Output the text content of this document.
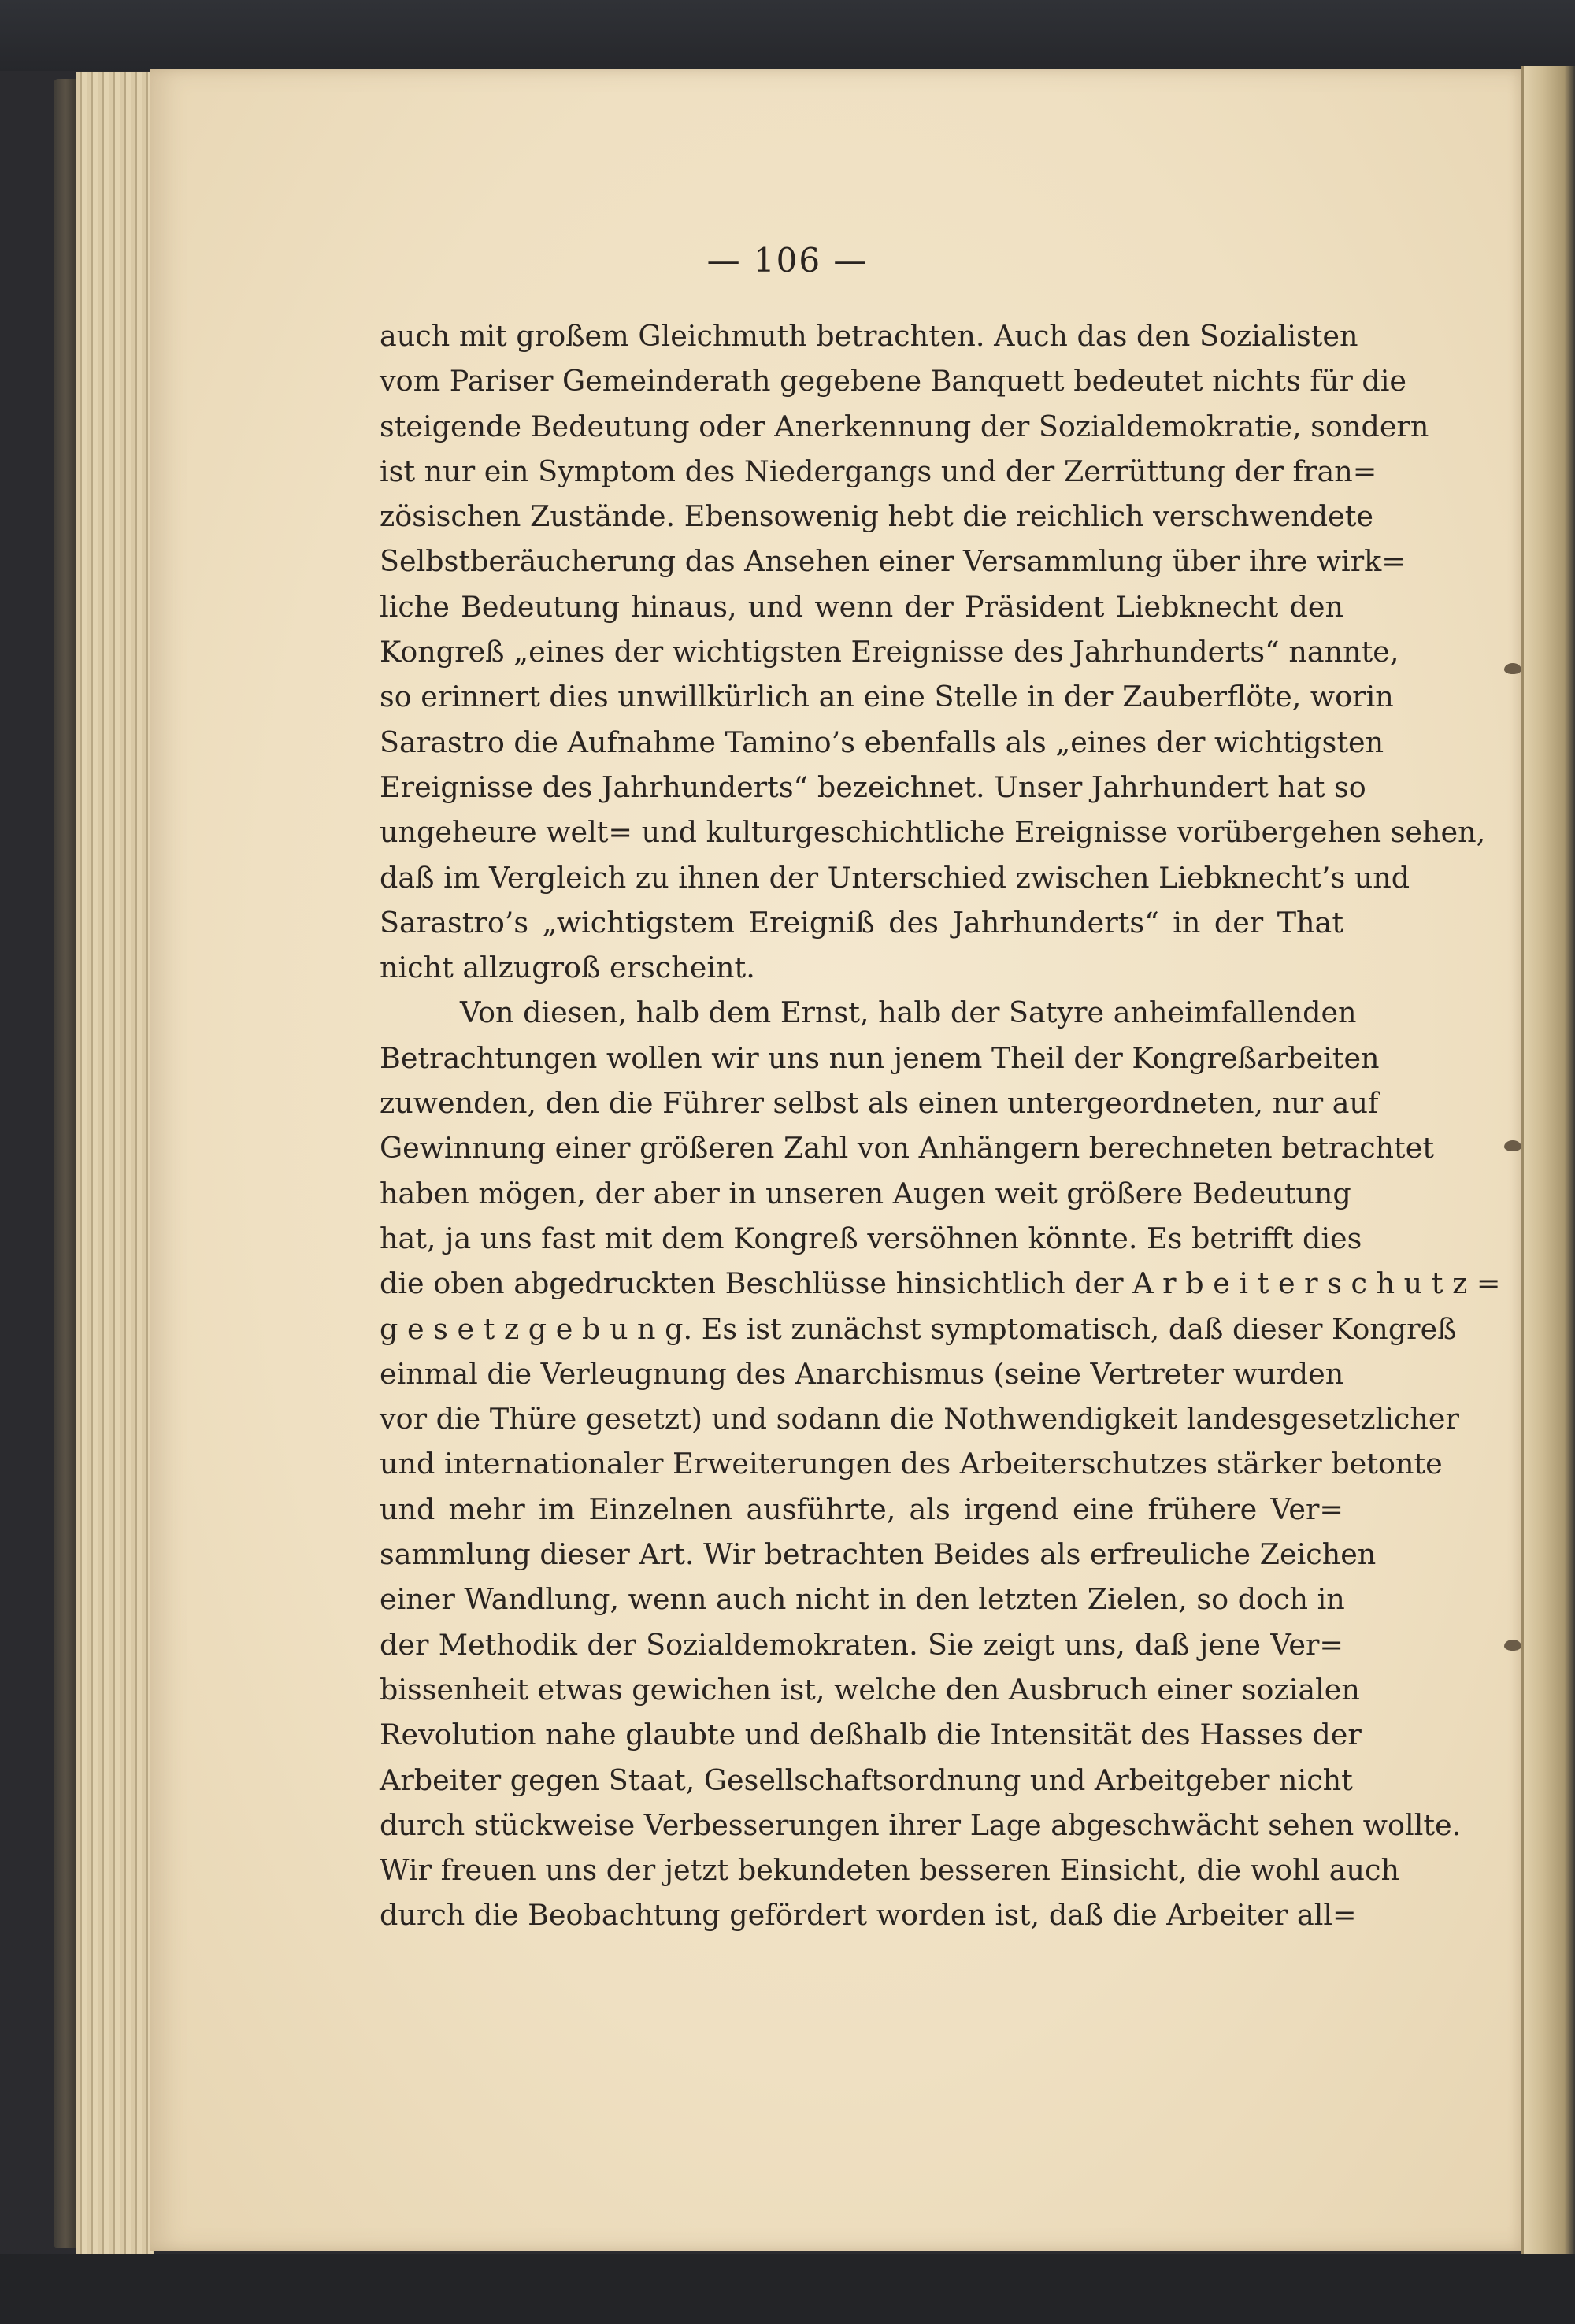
— 106 —

auch mit großem Gleichmuth betrachten. Auch das den Sozialisten
vom Pariser Gemeinderath gegebene Banquett bedeutet nichts für die
steigende Bedeutung oder Anerkennung der Sozialdemokratie, sondern
ist nur ein Symptom des Niedergangs und der Zerrüttung der fran=
zösischen Zustände. Ebensowenig hebt die reichlich verschwendete
Selbstberäucherung das Ansehen einer Versammlung über ihre wirk=
liche Bedeutung hinaus, und wenn der Präsident Liebknecht den
Kongreß „eines der wichtigsten Ereignisse des Jahrhunderts“ nannte,
so erinnert dies unwillkürlich an eine Stelle in der Zauberflöte, worin
Sarastro die Aufnahme Tamino’s ebenfalls als „eines der wichtigsten
Ereignisse des Jahrhunderts“ bezeichnet. Unser Jahrhundert hat so
ungeheure welt= und kulturgeschichtliche Ereignisse vorübergehen sehen,
daß im Vergleich zu ihnen der Unterschied zwischen Liebknecht’s und
Sarastro’s „wichtigstem Ereigniß des Jahrhunderts“ in der That
nicht allzugroß erscheint.
Von diesen, halb dem Ernst, halb der Satyre anheimfallenden
Betrachtungen wollen wir uns nun jenem Theil der Kongreßarbeiten
zuwenden, den die Führer selbst als einen untergeordneten, nur auf
Gewinnung einer größeren Zahl von Anhängern berechneten betrachtet
haben mögen, der aber in unseren Augen weit größere Bedeutung
hat, ja uns fast mit dem Kongreß versöhnen könnte. Es betrifft dies
die oben abgedruckten Beschlüsse hinsichtlich der A r b e i t e r s c h u t z =
g e s e t z g e b u n g. Es ist zunächst symptomatisch, daß dieser Kongreß
einmal die Verleugnung des Anarchismus (seine Vertreter wurden
vor die Thüre gesetzt) und sodann die Nothwendigkeit landesgesetzlicher
und internationaler Erweiterungen des Arbeiterschutzes stärker betonte
und mehr im Einzelnen ausführte, als irgend eine frühere Ver=
sammlung dieser Art. Wir betrachten Beides als erfreuliche Zeichen
einer Wandlung, wenn auch nicht in den letzten Zielen, so doch in
der Methodik der Sozialdemokraten. Sie zeigt uns, daß jene Ver=
bissenheit etwas gewichen ist, welche den Ausbruch einer sozialen
Revolution nahe glaubte und deßhalb die Intensität des Hasses der
Arbeiter gegen Staat, Gesellschaftsordnung und Arbeitgeber nicht
durch stückweise Verbesserungen ihrer Lage abgeschwächt sehen wollte.
Wir freuen uns der jetzt bekundeten besseren Einsicht, die wohl auch
durch die Beobachtung gefördert worden ist, daß die Arbeiter all=
